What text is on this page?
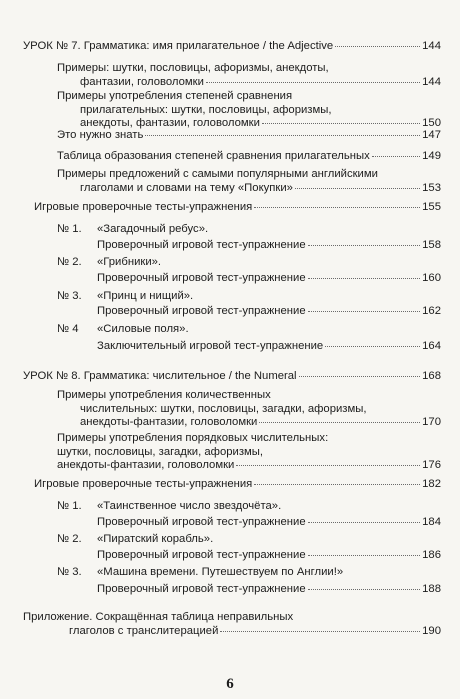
УРОК № 7. Грамматика: имя прилагательное / the Adjective	144
Примеры: шутки, пословицы, афоризмы, анекдоты,
фантазии, головоломки	144
Примеры употребления степеней сравнения
прилагательных: шутки, пословицы, афоризмы,
анекдоты, фантазии, головоломки	150
Это нужно знать	147
Таблица образования степеней сравнения прилагательных	149
Примеры предложений с самыми популярными английскими
глаголами и словами на тему «Покупки»	153
Игровые проверочные тесты-упражнения	155
№ 1. «Загадочный ребус».
Проверочный игровой тест-упражнение	158
№ 2. «Грибники».
Проверочный игровой тест-упражнение	160
№ 3. «Принц и нищий».
Проверочный игровой тест-упражнение	162
№ 4 «Силовые поля».
Заключительный игровой тест-упражнение	164
УРОК № 8. Грамматика: числительное / the Numeral	168
Примеры употребления количественных
числительных: шутки, пословицы, загадки, афоризмы,
анекдоты-фантазии, головоломки	170
Примеры употребления порядковых числительных:
шутки, пословицы, загадки, афоризмы,
анекдоты-фантазии, головоломки	176
Игровые проверочные тесты-упражнения	182
№ 1. «Таинственное число звездочёта».
Проверочный игровой тест-упражнение	184
№ 2. «Пиратский корабль».
Проверочный игровой тест-упражнение	186
№ 3. «Машина времени. Путешествуем по Англии!»
Проверочный игровой тест-упражнение	188
Приложение. Сокращённая таблица неправильных
глаголов с транслитерацией	190
6
